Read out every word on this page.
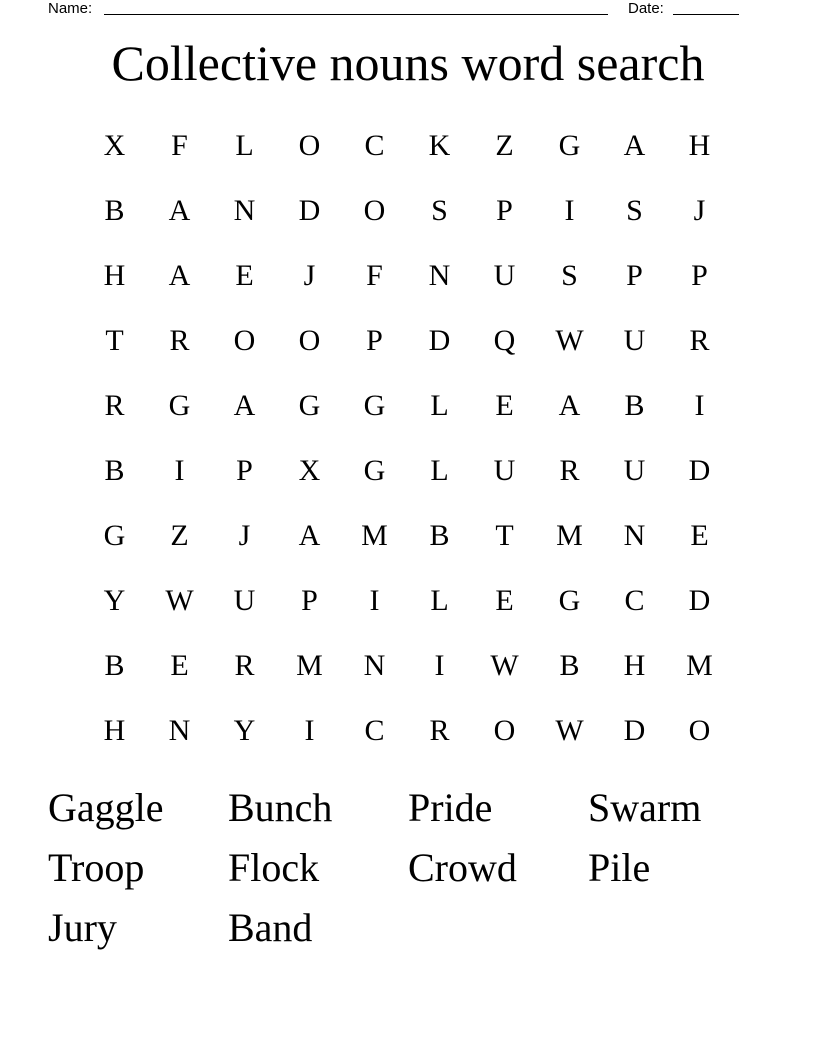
Name:	Date:
Collective nouns word search
X	F	L	O	C	K	Z	G	A	H
B	A	N	D	O	S	P	I	S	J
H	A	E	J	F	N	U	S	P	P
T	R	O	O	P	D	Q	W	U	R
R	G	A	G	G	L	E	A	B	I
B	I	P	X	G	L	U	R	U	D
G	Z	J	A	M	B	T	M	N	E
Y	W	U	P	I	L	E	G	C	D
B	E	R	M	N	I	W	B	H	M
H	N	Y	I	C	R	O	W	D	O
Gaggle	Bunch	Pride	Swarm
Troop	Flock	Crowd	Pile
Jury	Band
